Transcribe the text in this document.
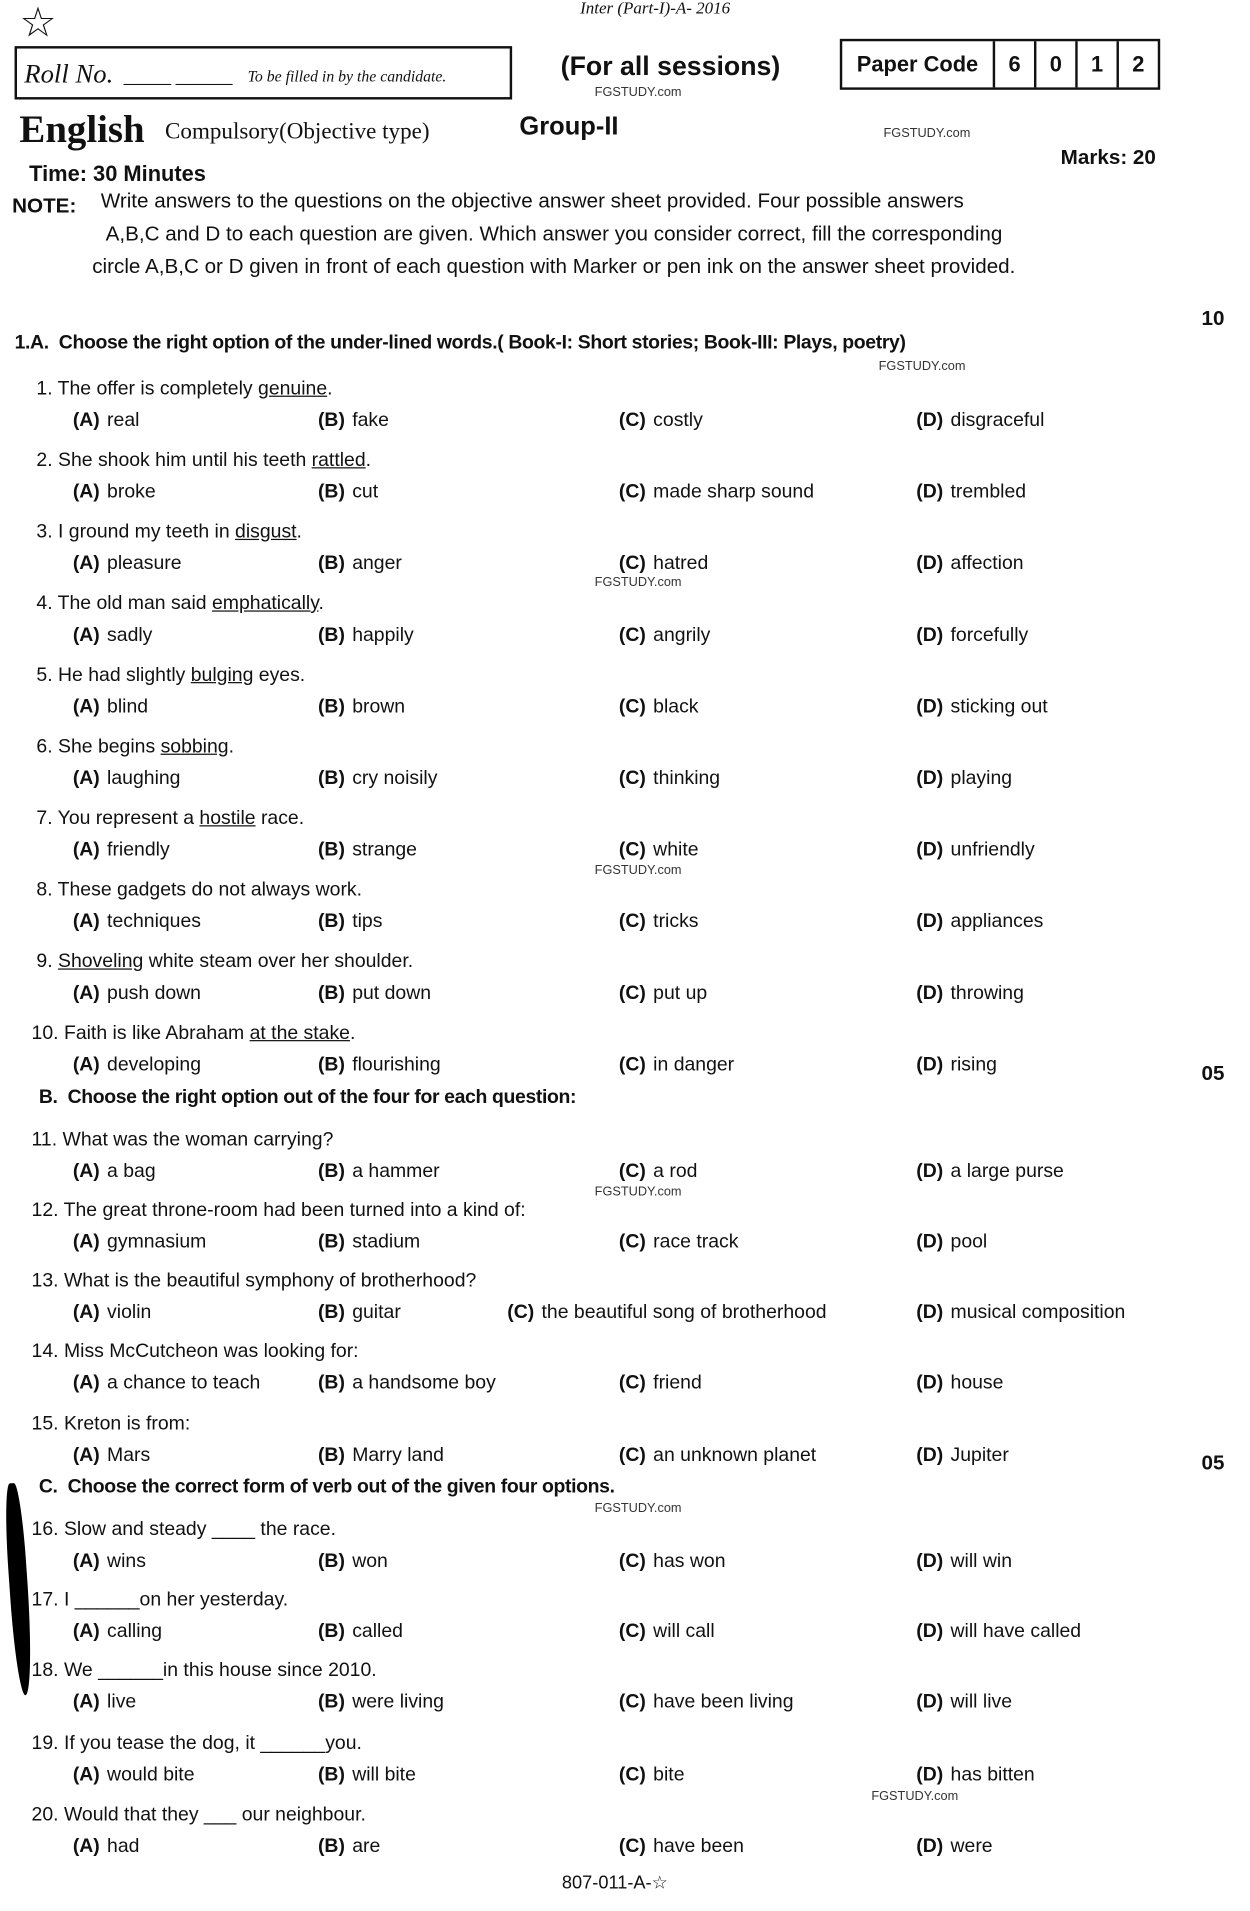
☆	Inter (Part-I)-A- 2016
Roll No. _____ ______ To be filled in by the candidate.	(For all sessions)
FGSTUDY.com
Paper Code 6 0 1 2
English Compulsory(Objective type)	Group-II	FGSTUDY.com
Marks: 20
Time: 30 Minutes
NOTE: Write answers to the questions on the objective answer sheet provided. Four possible answers
A,B,C and D to each question are given. Which answer you consider correct, fill the corresponding
circle A,B,C or D given in front of each question with Marker or pen ink on the answer sheet provided.
1.A. Choose the right option of the under-lined words.( Book-I: Short stories; Book-III: Plays, poetry)
10
B. Choose the right option out of the four for each question:
05
C. Choose the correct form of verb out of the given four options.
05
1. The offer is completely genuine.
(A) real	(B) fake	(C) costly	(D) disgraceful
2. She shook him until his teeth rattled.
(A) broke	(B) cut	(C) made sharp sound	(D) trembled
3. I ground my teeth in disgust.
(A) pleasure	(B) anger	(C) hatred	(D) affection
4. The old man said emphatically.
(A) sadly	(B) happily	(C) angrily	(D) forcefully
5. He had slightly bulging eyes.
(A) blind	(B) brown	(C) black	(D) sticking out
6. She begins sobbing.
(A) laughing	(B) cry noisily	(C) thinking	(D) playing
7. You represent a hostile race.
(A) friendly	(B) strange	(C) white	(D) unfriendly
8. These gadgets do not always work.
(A) techniques	(B) tips	(C) tricks	(D) appliances
9. Shoveling white steam over her shoulder.
(A) push down	(B) put down	(C) put up	(D) throwing
10. Faith is like Abraham at the stake.
(A) developing	(B) flourishing	(C) in danger	(D) rising
11. What was the woman carrying?
(A) a bag	(B) a hammer	(C) a rod	(D) a large purse
12. The great throne-room had been turned into a kind of:
(A) gymnasium	(B) stadium	(C) race track	(D) pool
13. What is the beautiful symphony of brotherhood?
(A) violin	(B) guitar	(C) the beautiful song of brotherhood	(D) musical composition
14. Miss McCutcheon was looking for:
(A) a chance to teach	(B) a handsome boy	(C) friend	(D) house
15. Kreton is from:
(A) Mars	(B) Marry land	(C) an unknown planet	(D) Jupiter
16. Slow and steady ____ the race.
(A) wins	(B) won	(C) has won	(D) will win
17. I ______on her yesterday.
(A) calling	(B) called	(C) will call	(D) will have called
18. We ______in this house since 2010.
(A) live	(B) were living	(C) have been living	(D) will live
19. If you tease the dog, it ______you.
(A) would bite	(B) will bite	(C) bite	(D) has bitten
20. Would that they ___ our neighbour.
(A) had	(B) are	(C) have been	(D) were
FGSTUDY.com
FGSTUDY.com
FGSTUDY.com
FGSTUDY.com
FGSTUDY.com
FGSTUDY.com
807-011-A-☆
